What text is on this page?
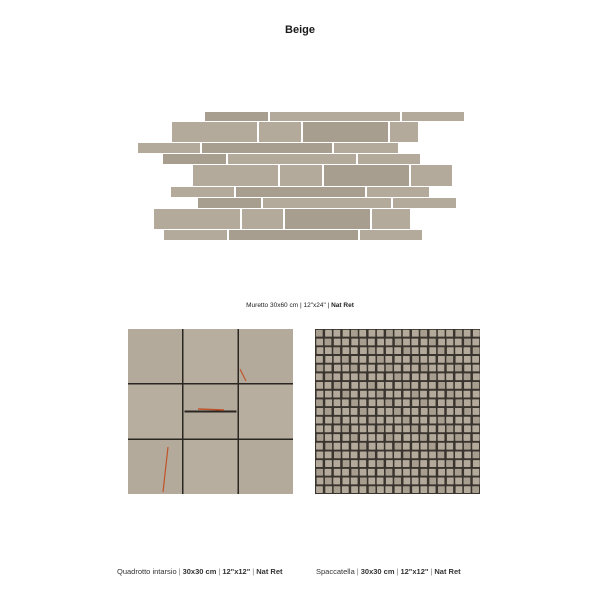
Beige
Muretto 30x60 cm | 12"x24" | Nat Ret
Quadrotto intarsio | 30x30 cm | 12"x12" | Nat Ret	Spaccatella | 30x30 cm | 12"x12" | Nat Ret
